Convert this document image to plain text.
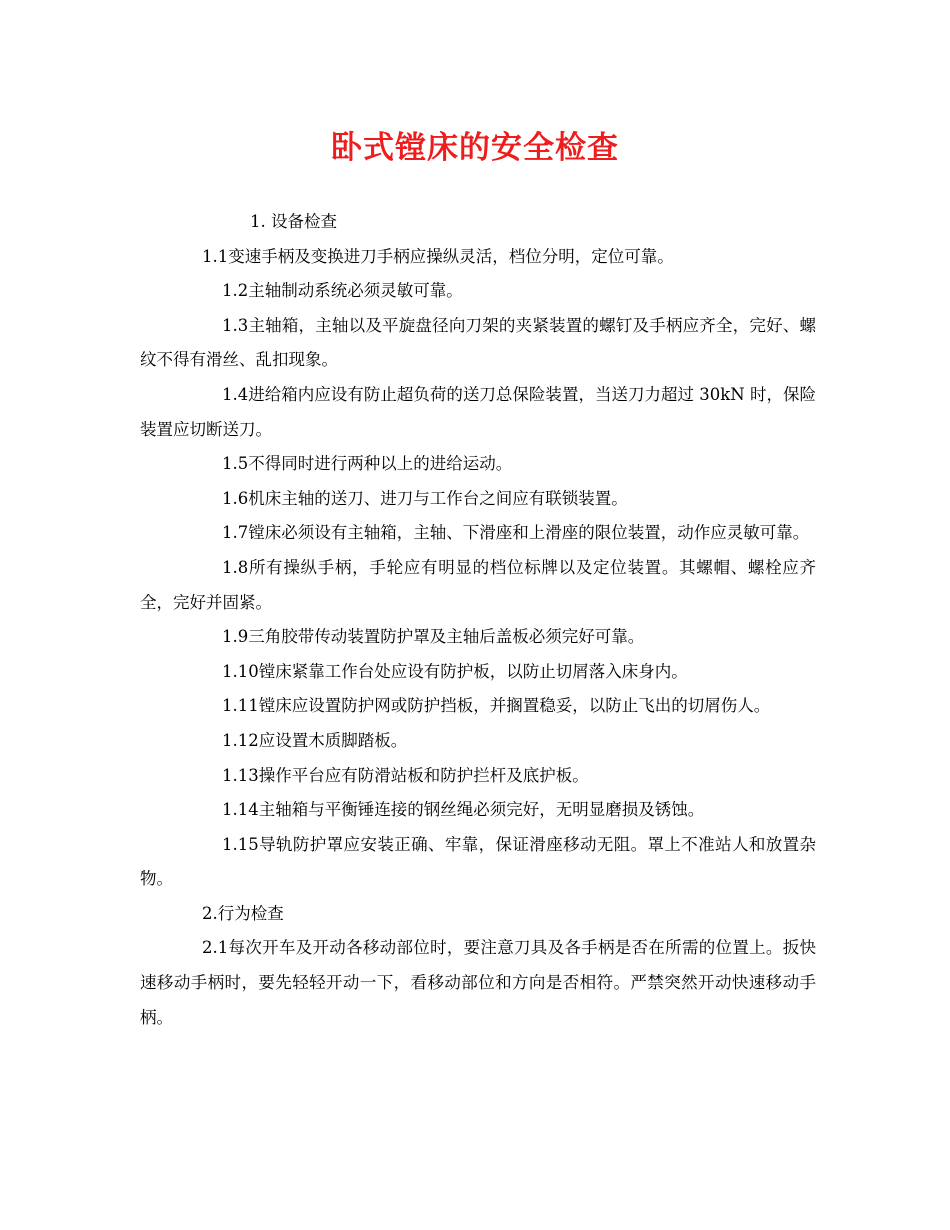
卧式镗床的安全检查

1. 设备检查

1.1变速手柄及变换进刀手柄应操纵灵活，档位分明，定位可靠。

1.2主轴制动系统必须灵敏可靠。

1.3主轴箱，主轴以及平旋盘径向刀架的夹紧装置的螺钉及手柄应齐全，完好、螺纹不得有滑丝、乱扣现象。

1.4进给箱内应设有防止超负荷的送刀总保险装置，当送刀力超过 30kN 时，保险装置应切断送刀。

1.5不得同时进行两种以上的进给运动。

1.6机床主轴的送刀、进刀与工作台之间应有联锁装置。

1.7镗床必须设有主轴箱，主轴、下滑座和上滑座的限位装置，动作应灵敏可靠。

1.8所有操纵手柄，手轮应有明显的档位标牌以及定位装置。其螺帽、螺栓应齐全，完好并固紧。

1.9三角胶带传动装置防护罩及主轴后盖板必须完好可靠。

1.10镗床紧靠工作台处应设有防护板，以防止切屑落入床身内。

1.11镗床应设置防护网或防护挡板，并搁置稳妥，以防止飞出的切屑伤人。

1.12应设置木质脚踏板。

1.13操作平台应有防滑站板和防护拦杆及底护板。

1.14主轴箱与平衡锤连接的钢丝绳必须完好，无明显磨损及锈蚀。

1.15导轨防护罩应安装正确、牢靠，保证滑座移动无阻。罩上不准站人和放置杂物。

2.行为检查

2.1每次开车及开动各移动部位时，要注意刀具及各手柄是否在所需的位置上。扳快速移动手柄时，要先轻轻开动一下，看移动部位和方向是否相符。严禁突然开动快速移动手柄。
